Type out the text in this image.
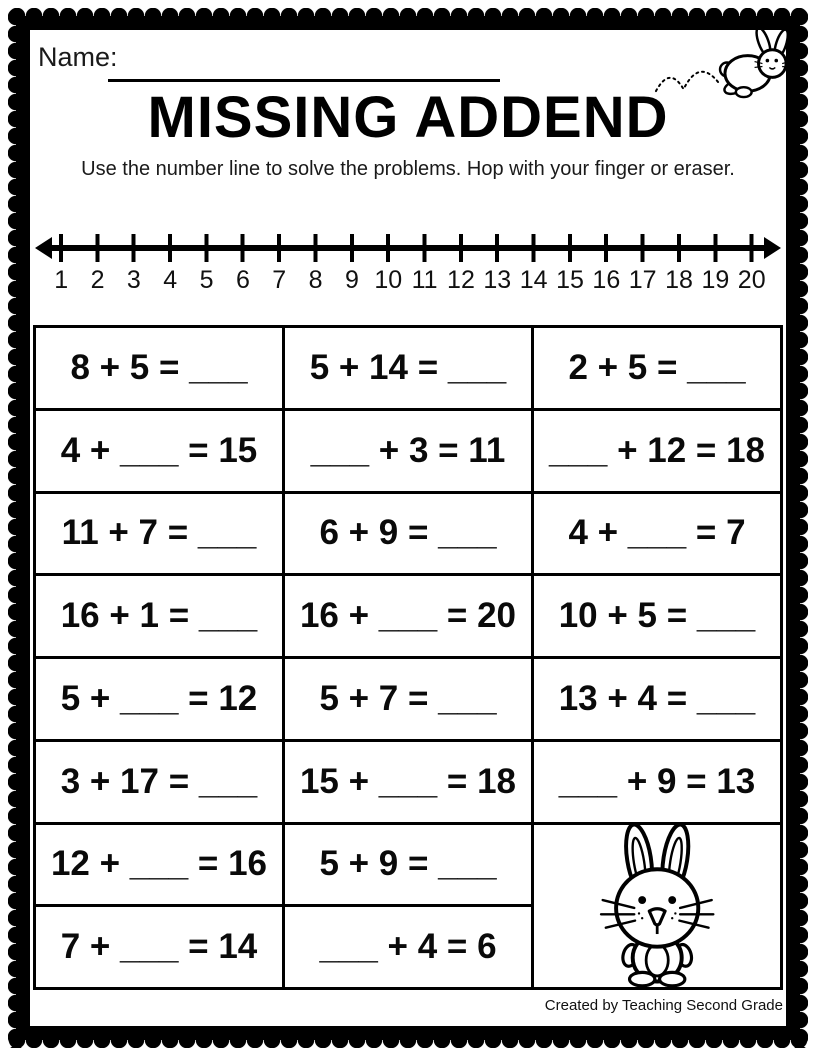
Name:
MISSING ADDEND

Use the number line to solve the problems. Hop with your finger or eraser.

1 2 3 4 5 6 7 8 9 10 11 12 13 14 15 16 17 18 19 20
8 + 5 = ___	5 + 14 = ___	2 + 5 = ___
4 + ___ = 15	___ + 3 = 11	___ + 12 = 18
11 + 7 = ___	6 + 9 = ___	4 + ___ = 7
16 + 1 = ___	16 + ___ = 20	10 + 5 = ___
5 + ___ = 12	5 + 7 = ___	13 + 4 = ___
3 + 17 = ___	15 + ___ = 18	___ + 9 = 13
12 + ___ = 16	5 + 9 = ___
7 + ___ = 14	___ + 4 = 6
Created by Teaching Second Grade
